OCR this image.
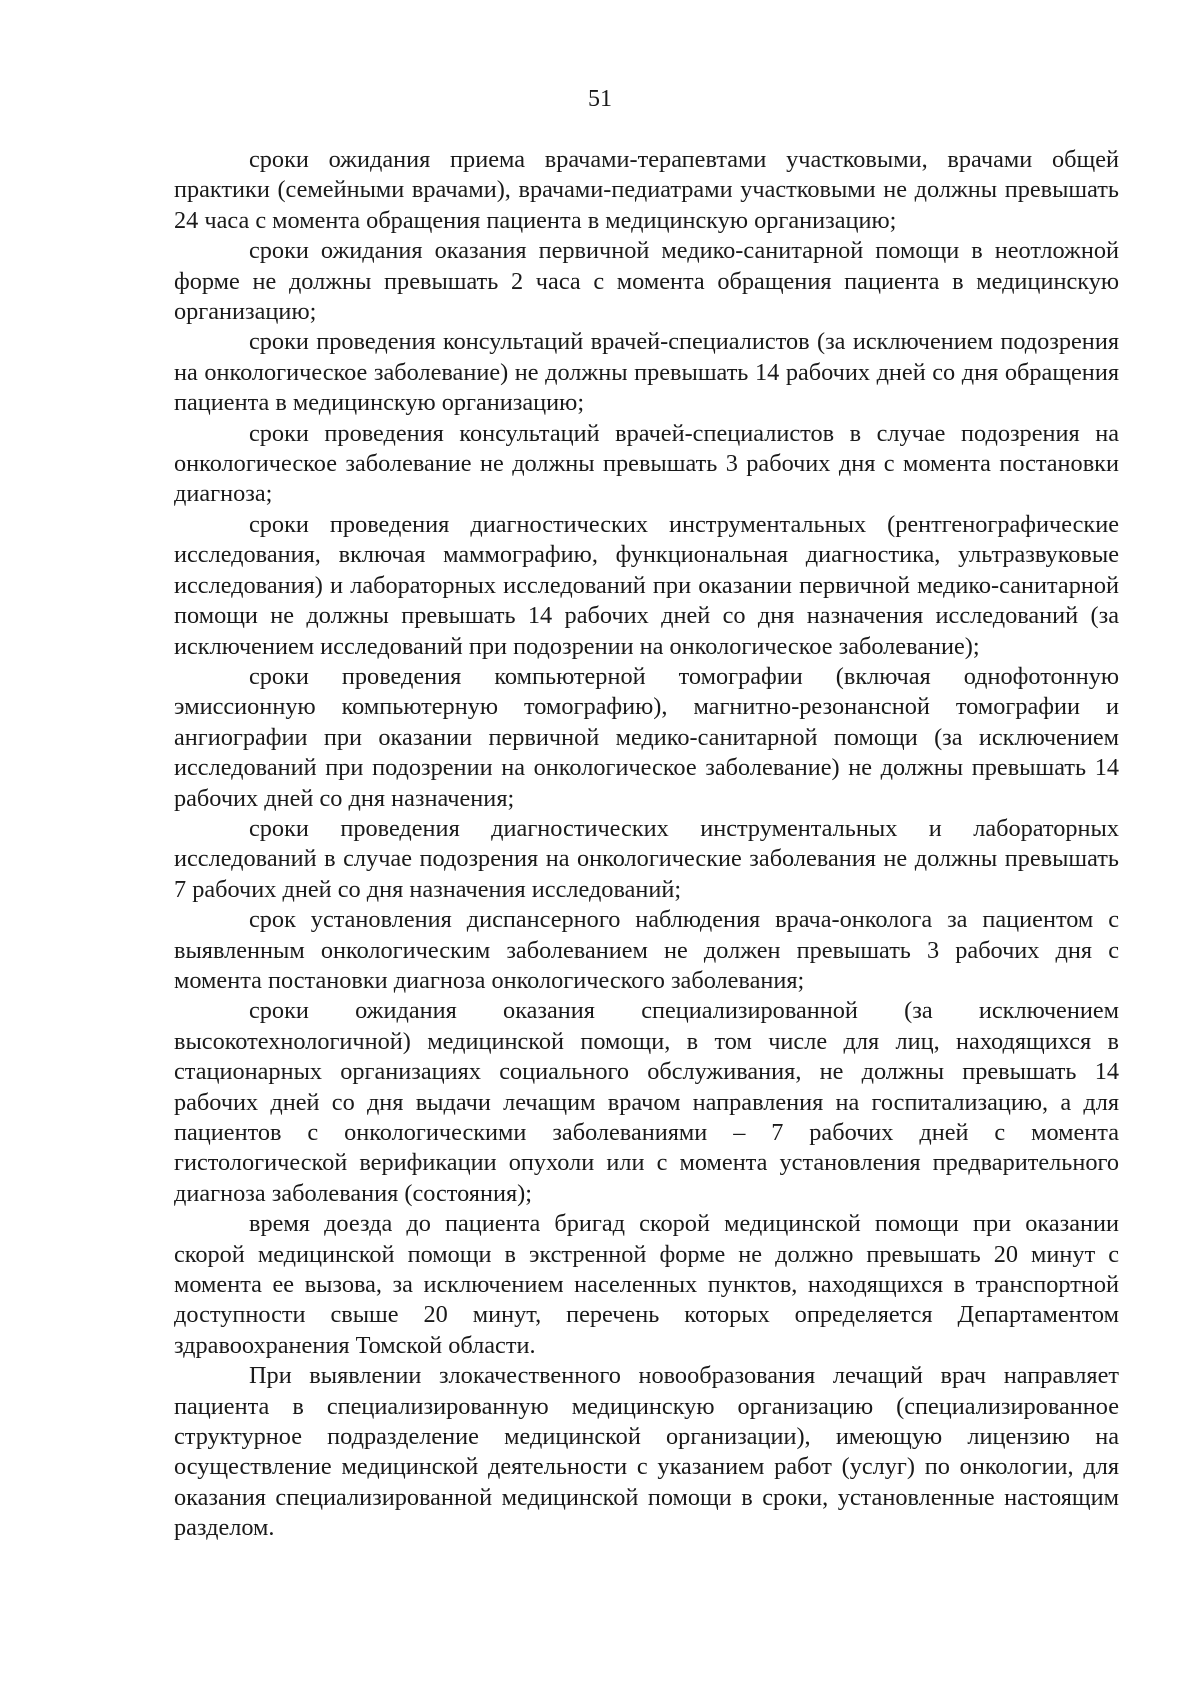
51

сроки ожидания приема врачами-терапевтами участковыми, врачами общей практики (семейными врачами), врачами-педиатрами участковыми не должны превышать 24 часа с момента обращения пациента в медицинскую организацию;

сроки ожидания оказания первичной медико-санитарной помощи в неотложной форме не должны превышать 2 часа с момента обращения пациента в медицинскую организацию;

сроки проведения консультаций врачей-специалистов (за исключением подозрения на онкологическое заболевание) не должны превышать 14 рабочих дней со дня обращения пациента в медицинскую организацию;

сроки проведения консультаций врачей-специалистов в случае подозрения на онкологическое заболевание не должны превышать 3 рабочих дня с момента постановки диагноза;

сроки проведения диагностических инструментальных (рентгенографические исследования, включая маммографию, функциональная диагностика, ультразвуковые исследования) и лабораторных исследований при оказании первичной медико-санитарной помощи не должны превышать 14 рабочих дней со дня назначения исследований (за исключением исследований при подозрении на онкологическое заболевание);

сроки проведения компьютерной томографии (включая однофотонную эмиссионную компьютерную томографию), магнитно-резонансной томографии и ангиографии при оказании первичной медико-санитарной помощи (за исключением исследований при подозрении на онкологическое заболевание) не должны превышать 14 рабочих дней со дня назначения;

сроки проведения диагностических инструментальных и лабораторных исследований в случае подозрения на онкологические заболевания не должны превышать 7 рабочих дней со дня назначения исследований;

срок установления диспансерного наблюдения врача-онколога за пациентом с выявленным онкологическим заболеванием не должен превышать 3 рабочих дня с момента постановки диагноза онкологического заболевания;

сроки ожидания оказания специализированной (за исключением высокотехнологичной) медицинской помощи, в том числе для лиц, находящихся в стационарных организациях социального обслуживания, не должны превышать 14 рабочих дней со дня выдачи лечащим врачом направления на госпитализацию, а для пациентов с онкологическими заболеваниями – 7 рабочих дней с момента гистологической верификации опухоли или с момента установления предварительного диагноза заболевания (состояния);

время доезда до пациента бригад скорой медицинской помощи при оказании скорой медицинской помощи в экстренной форме не должно превышать 20 минут с момента ее вызова, за исключением населенных пунктов, находящихся в транспортной доступности свыше 20 минут, перечень которых определяется Департаментом здравоохранения Томской области.

При выявлении злокачественного новообразования лечащий врач направляет пациента в специализированную медицинскую организацию (специализированное структурное подразделение медицинской организации), имеющую лицензию на осуществление медицинской деятельности с указанием работ (услуг) по онкологии, для оказания специализированной медицинской помощи в сроки, установленные настоящим разделом.
